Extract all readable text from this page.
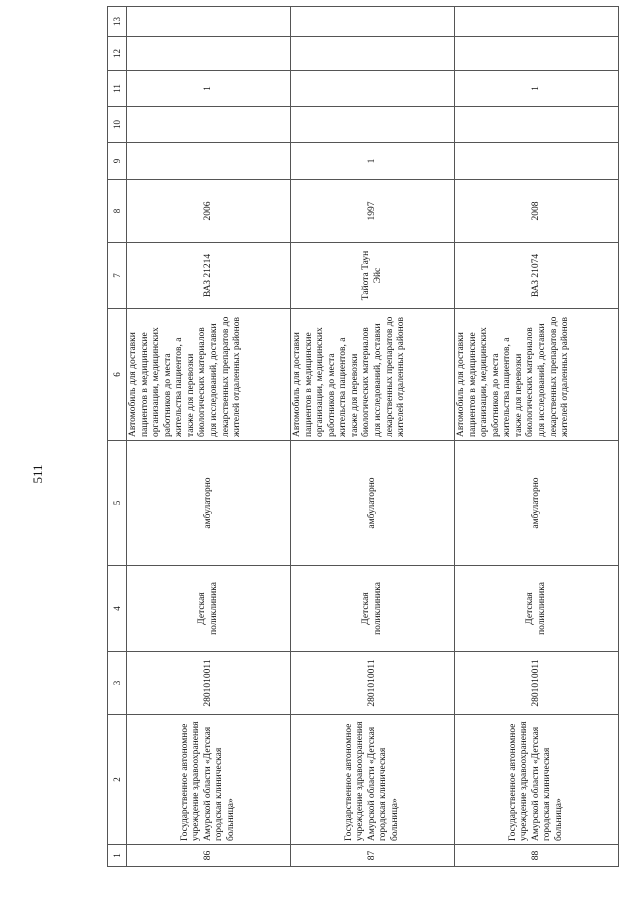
511
1	2	3	4	5	6	7	8	9	10	11	12	13
86	Государственное автономное учреждение здравоохранения Амурской области «Детская городская клиническая больница»	2801010011	Детская поликлиника	амбулаторно	Автомобиль для доставки пациентов в медицинские организации, медицинских работников до места жительства пациентов, а также для перевозки биологических материалов для исследований, доставки лекарственных препаратов до жителей отдаленных районов	ВАЗ 21214	2006			1		
87	Государственное автономное учреждение здравоохранения Амурской области «Детская городская клиническая больница»	2801010011	Детская поликлиника	амбулаторно	Автомобиль для доставки пациентов в медицинские организации, медицинских работников до места жительства пациентов, а также для перевозки биологических материалов для исследований, доставки лекарственных препаратов до жителей отдаленных районов	Тайота Таун Эйс	1997	1				
88	Государственное автономное учреждение здравоохранения Амурской области «Детская городская клиническая больница»	2801010011	Детская поликлиника	амбулаторно	Автомобиль для доставки пациентов в медицинские организации, медицинских работников до места жительства пациентов, а также для перевозки биологических материалов для исследований, доставки лекарственных препаратов до жителей отдаленных районов	ВАЗ 21074	2008			1		
